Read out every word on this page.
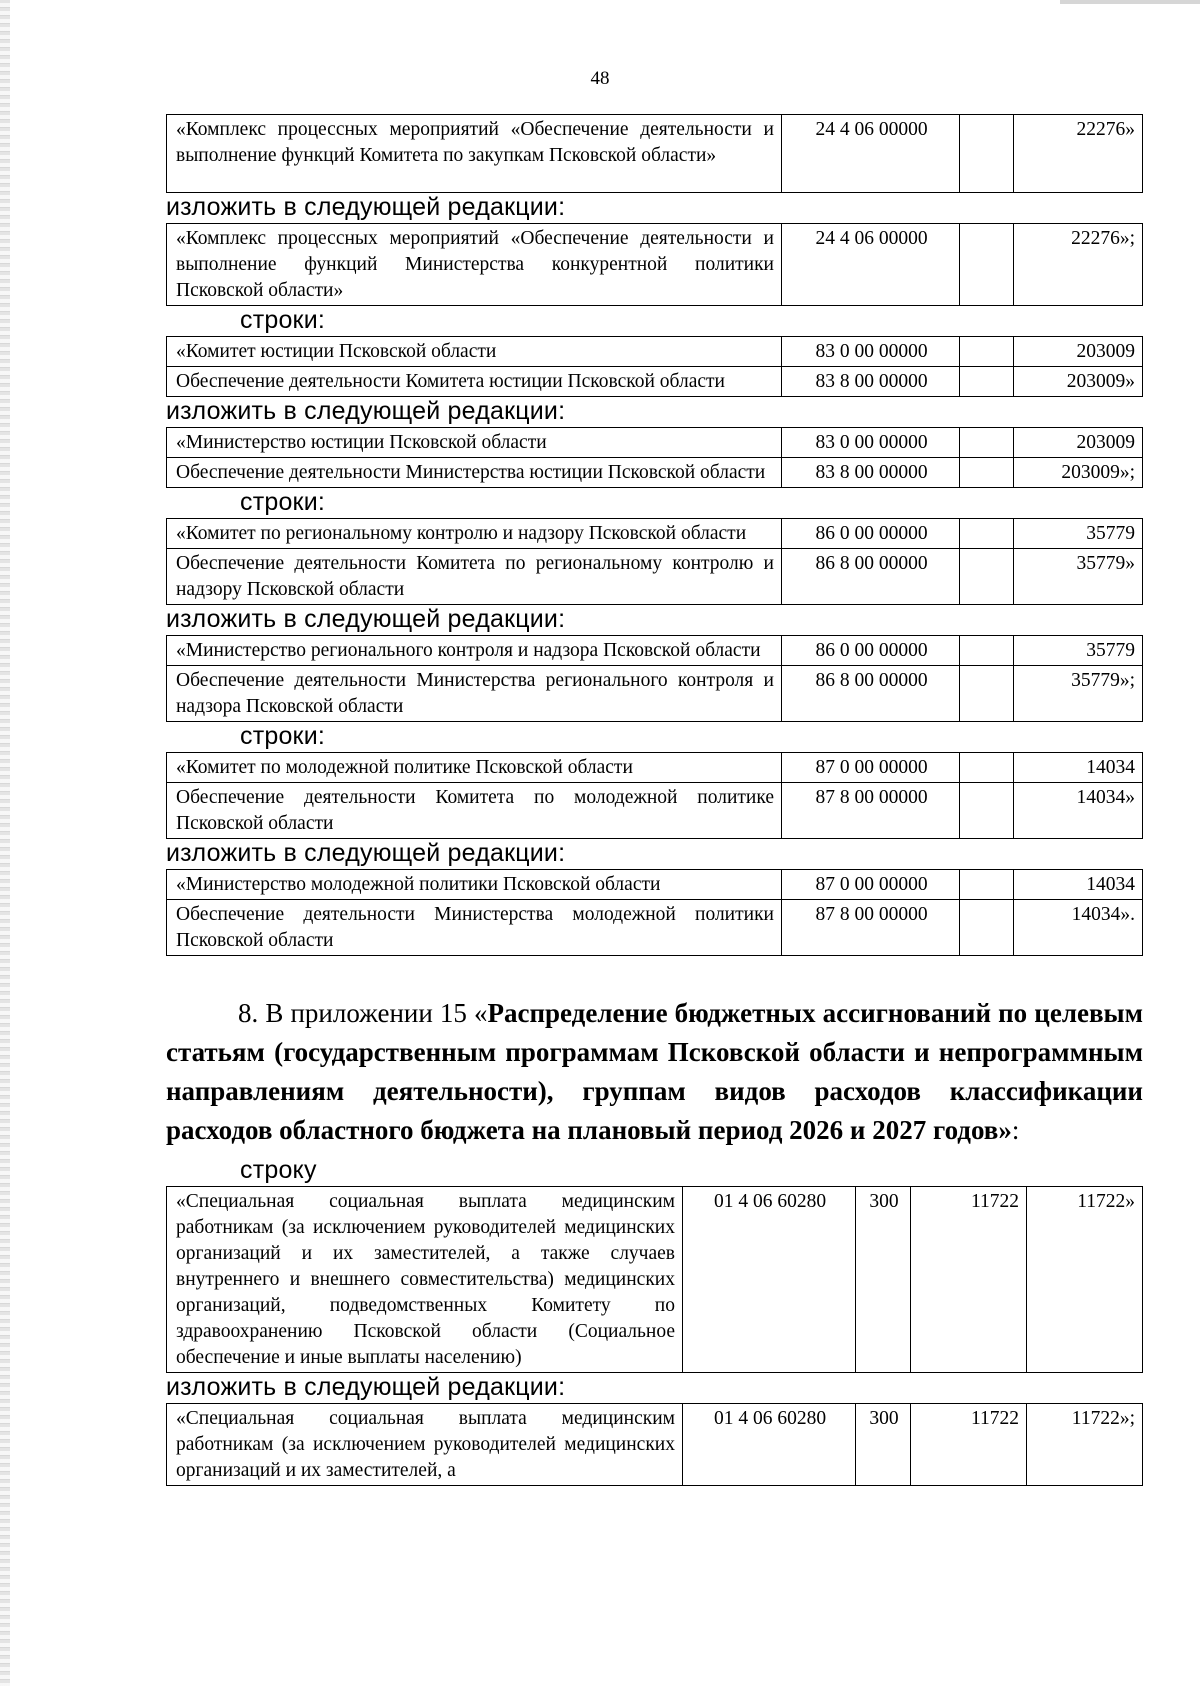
48
«Комплекс процессных мероприятий «Обеспечение деятельности и выполнение функций Комитета по закупкам Псковской области»	24 4 06 00000		22276»
изложить в следующей редакции:
«Комплекс процессных мероприятий «Обеспечение деятельности и выполнение функций Министерства конкурентной политики Псковской области»	24 4 06 00000		22276»;
строки:
«Комитет юстиции Псковской области	83 0 00 00000		203009
Обеспечение деятельности Комитета юстиции Псковской области	83 8 00 00000		203009»
изложить в следующей редакции:
«Министерство юстиции Псковской области	83 0 00 00000		203009
Обеспечение деятельности Министерства юстиции Псковской области	83 8 00 00000		203009»;
строки:
«Комитет по региональному контролю и надзору Псковской области	86 0 00 00000		35779
Обеспечение деятельности Комитета по региональному контролю и надзору Псковской области	86 8 00 00000		35779»
изложить в следующей редакции:
«Министерство регионального контроля и надзора Псковской области	86 0 00 00000		35779
Обеспечение деятельности Министерства регионального контроля и надзора Псковской области	86 8 00 00000		35779»;
строки:
«Комитет по молодежной политике Псковской области	87 0 00 00000		14034
Обеспечение деятельности Комитета по молодежной политике Псковской области	87 8 00 00000		14034»
изложить в следующей редакции:
«Министерство молодежной политики Псковской области	87 0 00 00000		14034
Обеспечение деятельности Министерства молодежной политики Псковской области	87 8 00 00000		14034».
8. В приложении 15 «Распределение бюджетных ассигнований по целевым статьям (государственным программам Псковской области и непрограммным направлениям деятельности), группам видов расходов классификации расходов областного бюджета на плановый период 2026 и 2027 годов»:
строку
«Специальная социальная выплата медицинским работникам (за исключением руководителей медицинских организаций и их заместителей, а также случаев внутреннего и внешнего совместительства) медицинских организаций, подведомственных Комитету по здравоохранению Псковской области (Социальное обеспечение и иные выплаты населению)	01 4 06 60280	300	11722	11722»
изложить в следующей редакции:
«Специальная социальная выплата медицинским работникам (за исключением руководителей медицинских организаций и их заместителей, а	01 4 06 60280	300	11722	11722»;
